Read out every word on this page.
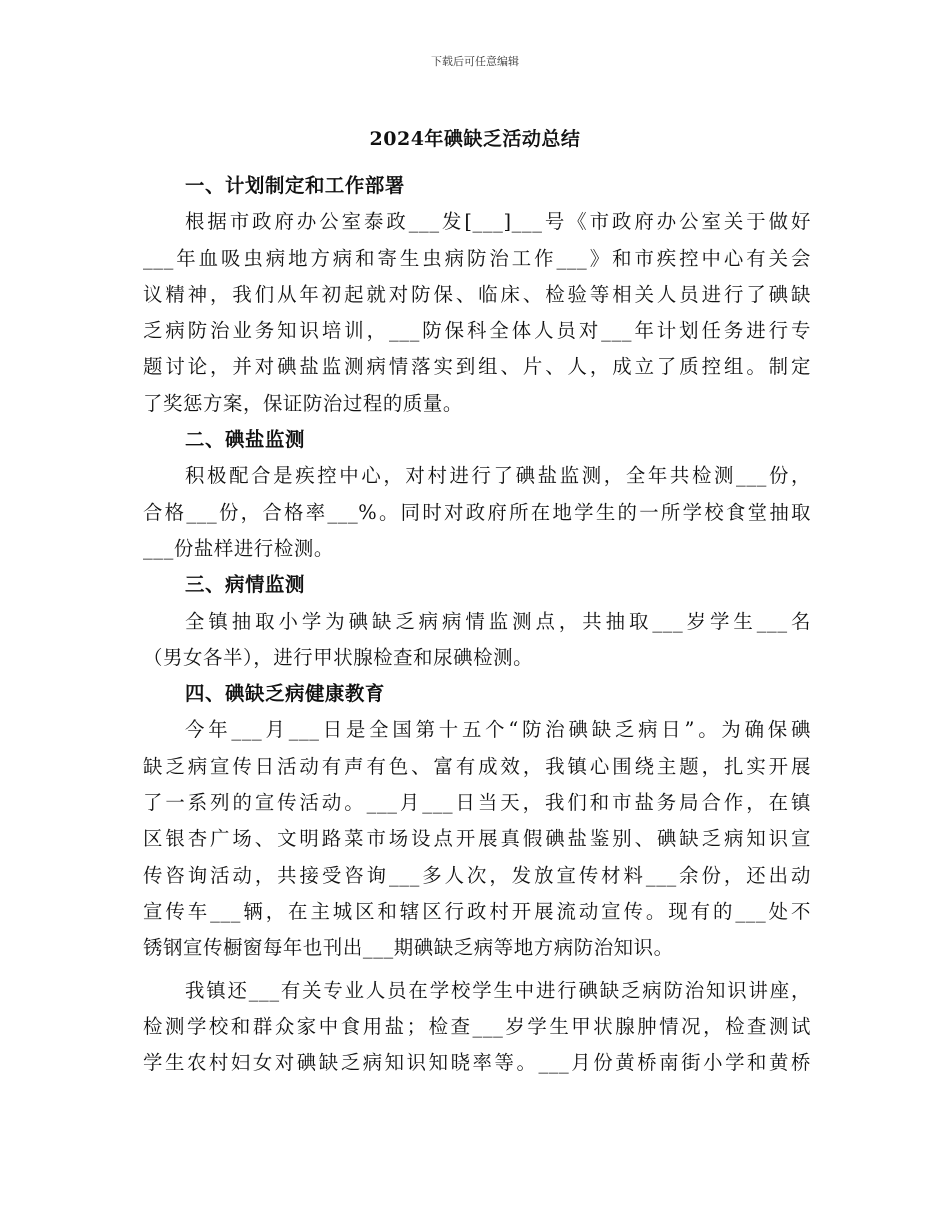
下载后可任意编辑
2024年碘缺乏活动总结
一、计划制定和工作部署
根据市政府办公室泰政___发[___]___号《市政府办公室关于做好
___年血吸虫病地方病和寄生虫病防治工作___》和市疾控中心有关会
议精神，我们从年初起就对防保、临床、检验等相关人员进行了碘缺
乏病防治业务知识培训，___防保科全体人员对___年计划任务进行专
题讨论，并对碘盐监测病情落实到组、片、人，成立了质控组。制定
了奖惩方案，保证防治过程的质量。
二、碘盐监测
积极配合是疾控中心，对村进行了碘盐监测，全年共检测___份，
合格___份，合格率___%。同时对政府所在地学生的一所学校食堂抽取
___份盐样进行检测。
三、病情监测
全镇抽取小学为碘缺乏病病情监测点，共抽取___岁学生___名
（男女各半），进行甲状腺检查和尿碘检测。
四、碘缺乏病健康教育
今年___月___日是全国第十五个“防治碘缺乏病日”。为确保碘
缺乏病宣传日活动有声有色、富有成效，我镇心围绕主题，扎实开展
了一系列的宣传活动。___月___日当天，我们和市盐务局合作，在镇
区银杏广场、文明路菜市场设点开展真假碘盐鉴别、碘缺乏病知识宣
传咨询活动，共接受咨询___多人次，发放宣传材料___余份，还出动
宣传车___辆，在主城区和辖区行政村开展流动宣传。现有的___处不
锈钢宣传橱窗每年也刊出___期碘缺乏病等地方病防治知识。
我镇还___有关专业人员在学校学生中进行碘缺乏病防治知识讲座，
检测学校和群众家中食用盐；检查___岁学生甲状腺肿情况，检查测试
学生农村妇女对碘缺乏病知识知晓率等。___月份黄桥南街小学和黄桥
